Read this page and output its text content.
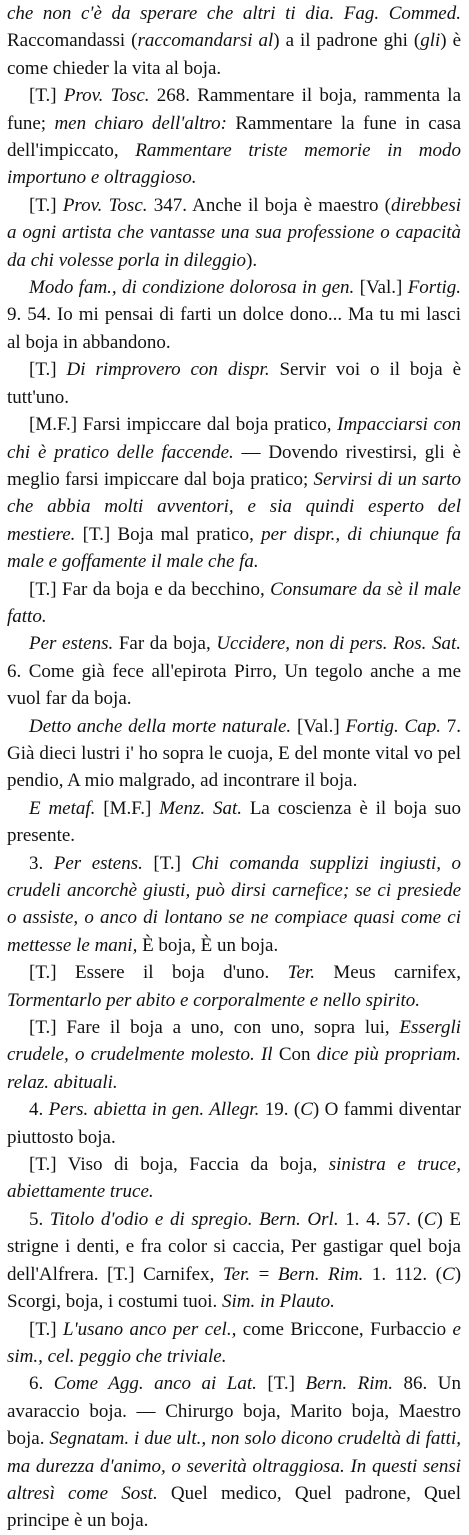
che non c'è da sperare che altri ti dia. Fag. Commed. Raccomandassi (raccomandarsi al) a il padrone ghi (gli) è come chieder la vita al boja.

[T.] Prov. Tosc. 268. Rammentare il boja, rammenta la fune; men chiaro dell'altro: Rammentare la fune in casa dell'impiccato, Rammentare triste memorie in modo importuno e oltraggioso.

[T.] Prov. Tosc. 347. Anche il boja è maestro (direbbesi a ogni artista che vantasse una sua professione o capacità da chi volesse porla in dileggio).

Modo fam., di condizione dolorosa in gen. [Val.] Fortig. 9. 54. Io mi pensai di farti un dolce dono... Ma tu mi lasci al boja in abbandono.

[T.] Di rimprovero con dispr. Servir voi o il boja è tutt'uno.

[M.F.] Farsi impiccare dal boja pratico, Impacciarsi con chi è pratico delle faccende. — Dovendo rivestirsi, gli è meglio farsi impiccare dal boja pratico; Servirsi di un sarto che abbia molti avventori, e sia quindi esperto del mestiere. [T.] Boja mal pratico, per dispr., di chiunque fa male e goffamente il male che fa.

[T.] Far da boja e da becchino, Consumare da sè il male fatto.

Per estens. Far da boja, Uccidere, non di pers. Ros. Sat. 6. Come già fece all'epirota Pirro, Un tegolo anche a me vuol far da boja.

Detto anche della morte naturale. [Val.] Fortig. Cap. 7. Già dieci lustri i' ho sopra le cuoja, E del monte vital vo pel pendio, A mio malgrado, ad incontrare il boja.

E metaf. [M.F.] Menz. Sat. La coscienza è il boja suo presente.

3. Per estens. [T.] Chi comanda supplizi ingiusti, o crudeli ancorchè giusti, può dirsi carnefice; se ci presiede o assiste, o anco di lontano se ne compiace quasi come ci mettesse le mani, È boja, È un boja.

[T.] Essere il boja d'uno. Ter. Meus carnifex, Tormentarlo per abito e corporalmente e nello spirito.

[T.] Fare il boja a uno, con uno, sopra lui, Essergli crudele, o crudelmente molesto. Il Con dice più propriam. relaz. abituali.

4. Pers. abietta in gen. Allegr. 19. (C) O fammi diventar piuttosto boja.

[T.] Viso di boja, Faccia da boja, sinistra e truce, abiettamente truce.

5. Titolo d'odio e di spregio. Bern. Orl. 1. 4. 57. (C) E strigne i denti, e fra color si caccia, Per gastigar quel boja dell'Alfrera. [T.] Carnifex, Ter. = Bern. Rim. 1. 112. (C) Scorgi, boja, i costumi tuoi. Sim. in Plauto.

[T.] L'usano anco per cel., come Briccone, Furbaccio e sim., cel. peggio che triviale.

6. Come Agg. anco ai Lat. [T.] Bern. Rim. 86. Un avaraccio boja. — Chirurgo boja, Marito boja, Maestro boja. Segnatam. i due ult., non solo dicono crudeltà di fatti, ma durezza d'animo, o severità oltraggiosa. In questi sensi altresì come Sost. Quel medico, Quel padrone, Quel principe è un boja.
